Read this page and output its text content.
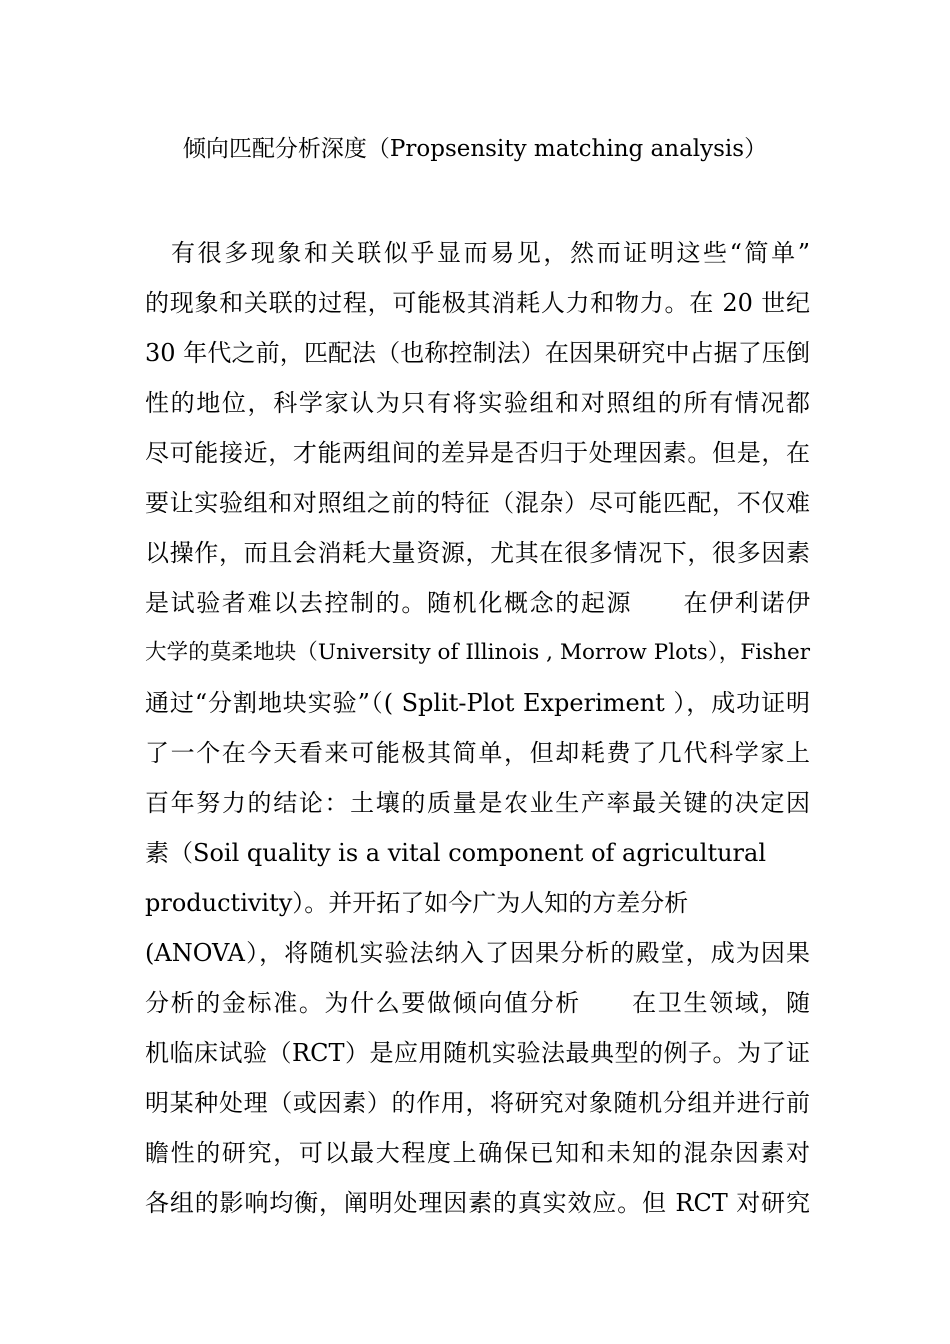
倾向匹配分析深度（Propsensity matching analysis）
有很多现象和关联似乎显而易见，然而证明这些“简单”
的现象和关联的过程，可能极其消耗人力和物力。在 20 世纪
30 年代之前，匹配法（也称控制法）在因果研究中占据了压倒
性的地位，科学家认为只有将实验组和对照组的所有情况都
尽可能接近，才能两组间的差异是否归于处理因素。但是，在
要让实验组和对照组之前的特征（混杂）尽可能匹配，不仅难
以操作，而且会消耗大量资源，尤其在很多情况下，很多因素
是试验者难以去控制的。随机化概念的起源　　在伊利诺伊
大学的莫柔地块（University of Illinois , Morrow Plots），Fisher
通过“分割地块实验”（( Split-Plot Experiment ），成功证明
了一个在今天看来可能极其简单，但却耗费了几代科学家上
百年努力的结论：土壤的质量是农业生产率最关键的决定因
素（Soil quality is a vital component of agricultural
productivity）。并开拓了如今广为人知的方差分析
(ANOVA），将随机实验法纳入了因果分析的殿堂，成为因果
分析的金标准。为什么要做倾向值分析　　在卫生领域，随
机临床试验（RCT）是应用随机实验法最典型的例子。为了证
明某种处理（或因素）的作用，将研究对象随机分组并进行前
瞻性的研究，可以最大程度上确保已知和未知的混杂因素对
各组的影响均衡，阐明处理因素的真实效应。但 RCT 对研究
